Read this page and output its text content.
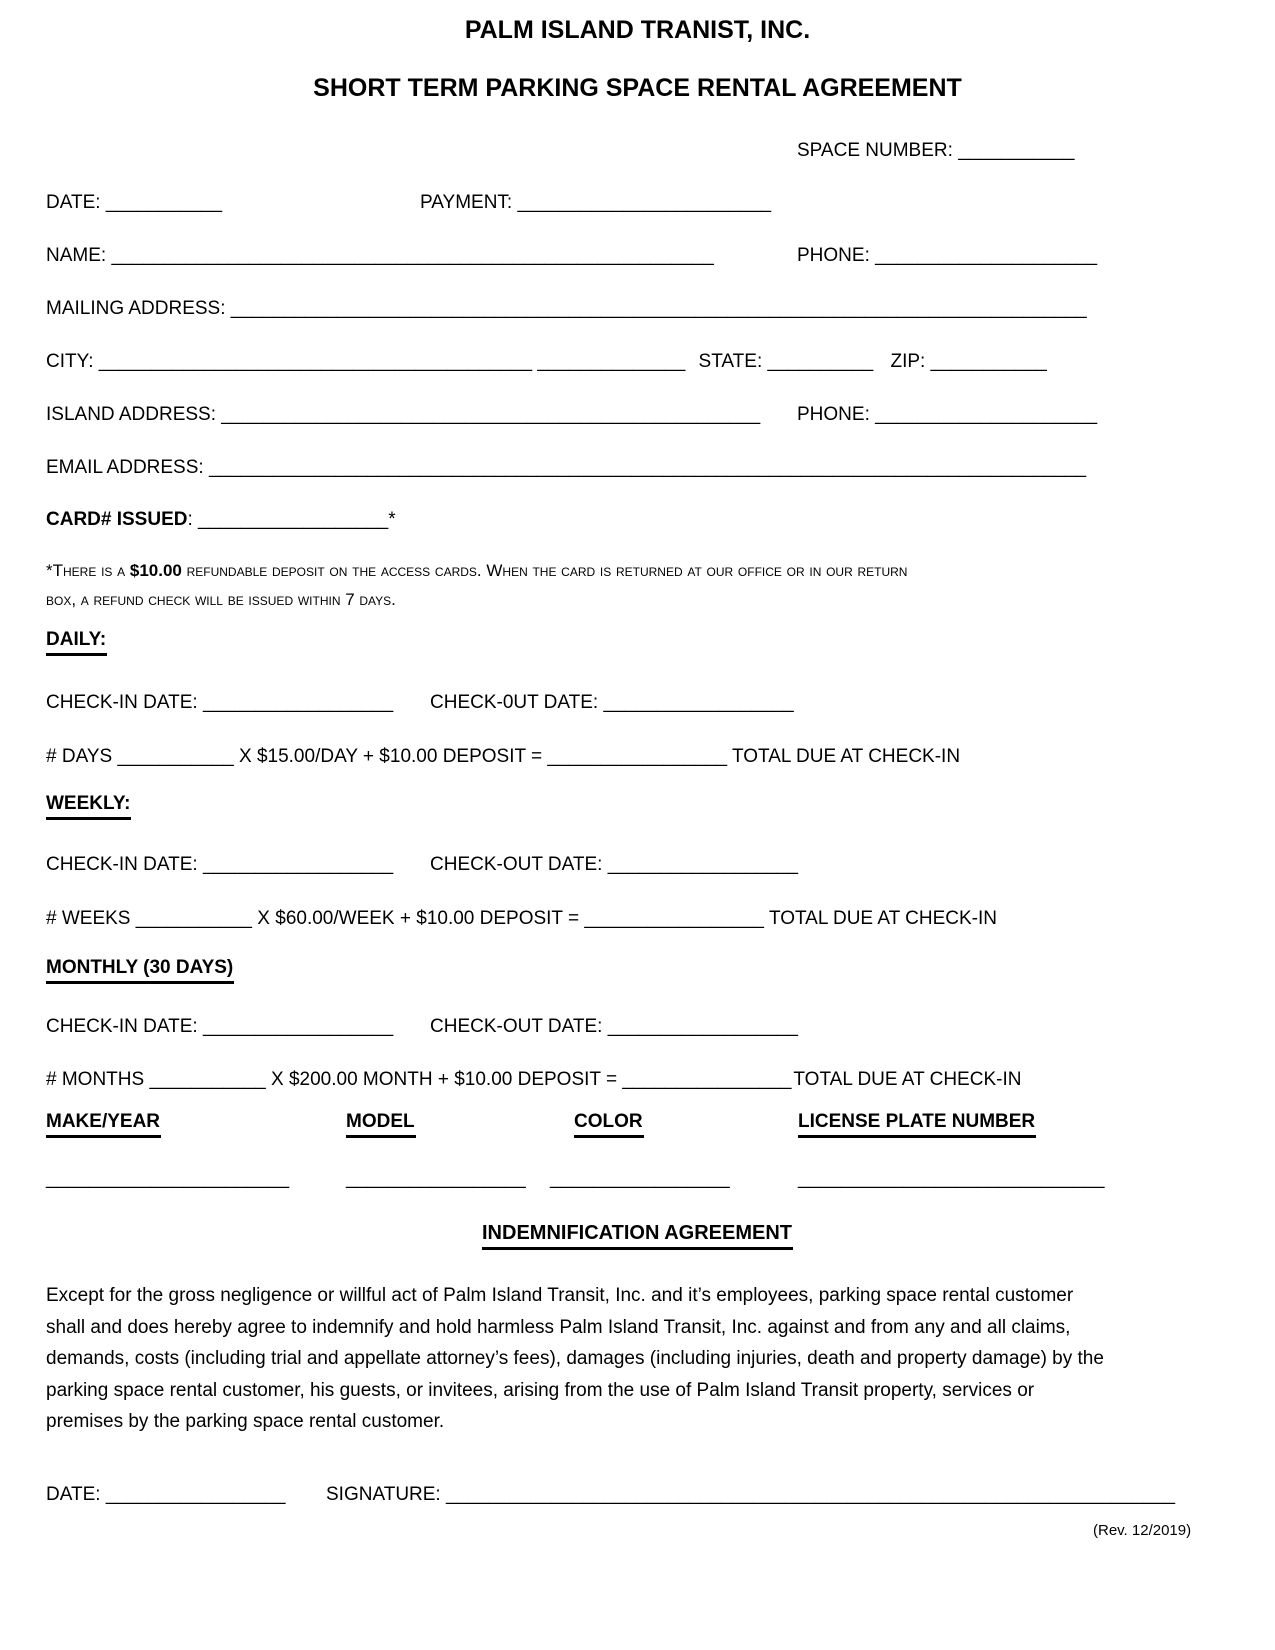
PALM ISLAND TRANIST, INC.
SHORT TERM PARKING SPACE RENTAL AGREEMENT
SPACE NUMBER: ___________
DATE: ___________	PAYMENT: ________________________
NAME: _________________________________________________________	PHONE: _____________________
MAILING ADDRESS: _________________________________________________________________________________
CITY: _________________________________________ ______________ STATE: __________ ZIP: ___________
ISLAND ADDRESS: ___________________________________________________ PHONE: _____________________
EMAIL ADDRESS: ___________________________________________________________________________________
CARD# ISSUED: __________________*
*There is a $10.00 refundable deposit on the access cards. When the card is returned at our office or in our return
box, a refund check will be issued within 7 days.
DAILY:
CHECK-IN DATE: __________________ CHECK-0UT DATE: __________________
# DAYS ___________ X $15.00/DAY + $10.00 DEPOSIT = _________________ TOTAL DUE AT CHECK-IN
WEEKLY:
CHECK-IN DATE: __________________ CHECK-OUT DATE: __________________
# WEEKS ___________ X $60.00/WEEK + $10.00 DEPOSIT = _________________ TOTAL DUE AT CHECK-IN
MONTHLY (30 DAYS)
CHECK-IN DATE: __________________ CHECK-OUT DATE: __________________
# MONTHS ___________ X $200.00 MONTH + $10.00 DEPOSIT = ________________ TOTAL DUE AT CHECK-IN
MAKE/YEAR	MODEL	COLOR	LICENSE PLATE NUMBER
_______________________	_________________ _________________	_____________________________
INDEMNIFICATION AGREEMENT
Except for the gross negligence or willful act of Palm Island Transit, Inc. and it’s employees, parking space rental customer
shall and does hereby agree to indemnify and hold harmless Palm Island Transit, Inc. against and from any and all claims,
demands, costs (including trial and appellate attorney’s fees), damages (including injuries, death and property damage) by the
parking space rental customer, his guests, or invitees, arising from the use of Palm Island Transit property, services or
premises by the parking space rental customer.
DATE: _________________ SIGNATURE: _____________________________________________________________________
(Rev. 12/2019)
